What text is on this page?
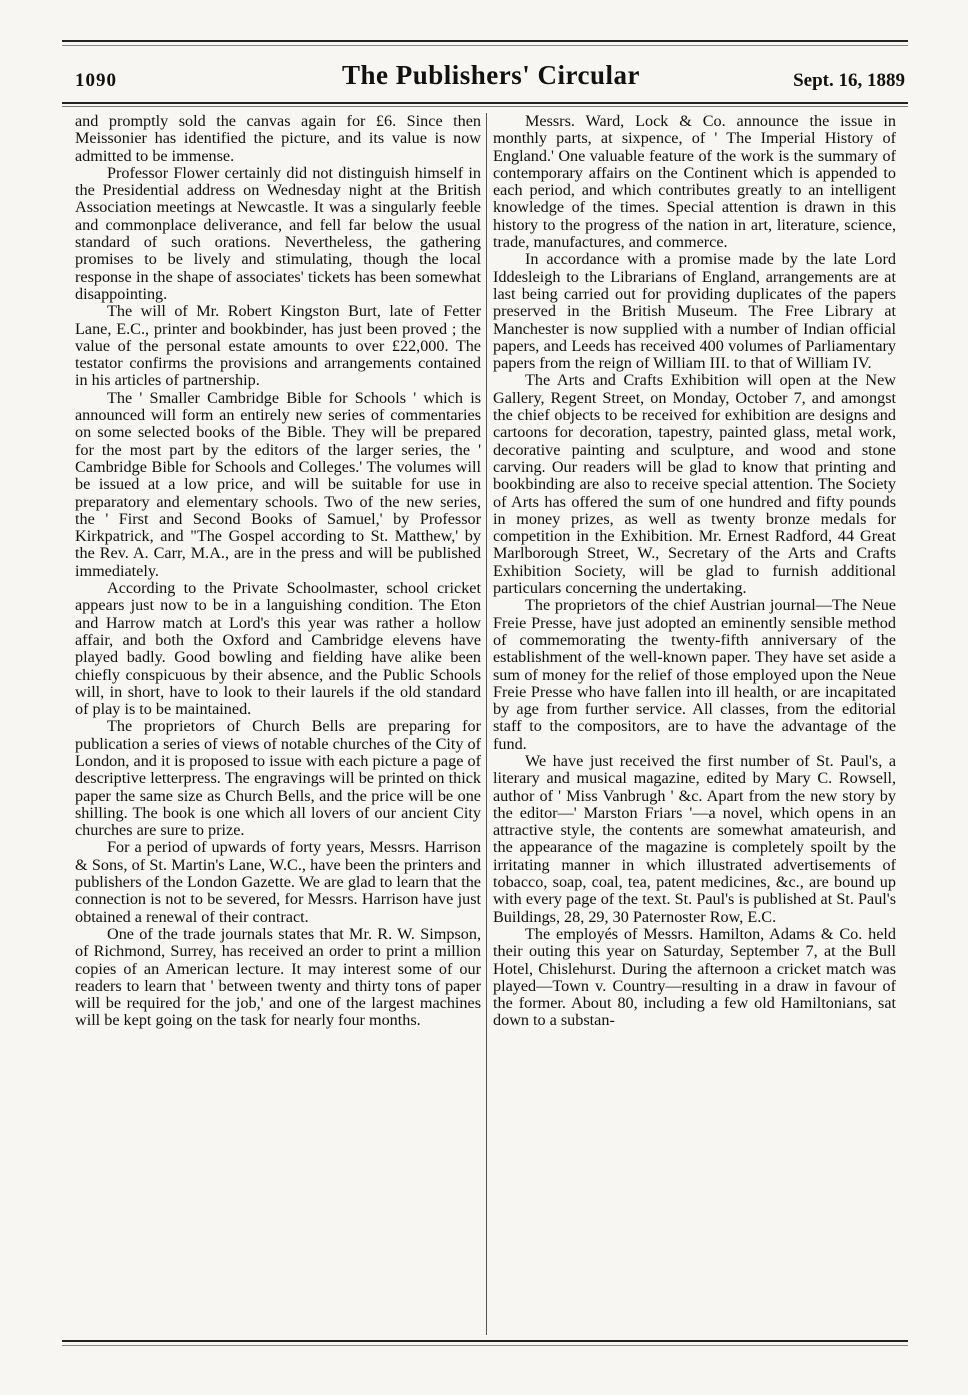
1090	The Publishers' Circular	Sept. 16, 1889

and promptly sold the canvas again for £6. Since then Meissonier has identified the picture, and its value is now admitted to be immense.

Professor Flower certainly did not distinguish himself in the Presidential address on Wednesday night at the British Association meetings at Newcastle. It was a singularly feeble and commonplace deliverance, and fell far below the usual standard of such orations. Nevertheless, the gathering promises to be lively and stimulating, though the local response in the shape of associates' tickets has been somewhat disappointing.

The will of Mr. Robert Kingston Burt, late of Fetter Lane, E.C., printer and bookbinder, has just been proved ; the value of the personal estate amounts to over £22,000. The testator confirms the provisions and arrangements contained in his articles of partnership.

The ' Smaller Cambridge Bible for Schools ' which is announced will form an entirely new series of commentaries on some selected books of the Bible. They will be prepared for the most part by the editors of the larger series, the ' Cambridge Bible for Schools and Colleges.' The volumes will be issued at a low price, and will be suitable for use in preparatory and elementary schools. Two of the new series, the ' First and Second Books of Samuel,' by Professor Kirkpatrick, and "The Gospel according to St. Matthew,' by the Rev. A. Carr, M.A., are in the press and will be published immediately.

According to the Private Schoolmaster, school cricket appears just now to be in a languishing condition. The Eton and Harrow match at Lord's this year was rather a hollow affair, and both the Oxford and Cambridge elevens have played badly. Good bowling and fielding have alike been chiefly conspicuous by their absence, and the Public Schools will, in short, have to look to their laurels if the old standard of play is to be maintained.

The proprietors of Church Bells are preparing for publication a series of views of notable churches of the City of London, and it is proposed to issue with each picture a page of descriptive letterpress. The engravings will be printed on thick paper the same size as Church Bells, and the price will be one shilling. The book is one which all lovers of our ancient City churches are sure to prize.

For a period of upwards of forty years, Messrs. Harrison & Sons, of St. Martin's Lane, W.C., have been the printers and publishers of the London Gazette. We are glad to learn that the connection is not to be severed, for Messrs. Harrison have just obtained a renewal of their contract.

One of the trade journals states that Mr. R. W. Simpson, of Richmond, Surrey, has received an order to print a million copies of an American lecture. It may interest some of our readers to learn that ' between twenty and thirty tons of paper will be required for the job,' and one of the largest machines will be kept going on the task for nearly four months.

Messrs. Ward, Lock & Co. announce the issue in monthly parts, at sixpence, of ' The Imperial History of England.' One valuable feature of the work is the summary of contemporary affairs on the Continent which is appended to each period, and which contributes greatly to an intelligent knowledge of the times. Special attention is drawn in this history to the progress of the nation in art, literature, science, trade, manufactures, and commerce.

In accordance with a promise made by the late Lord Iddesleigh to the Librarians of England, arrangements are at last being carried out for providing duplicates of the papers preserved in the British Museum. The Free Library at Manchester is now supplied with a number of Indian official papers, and Leeds has received 400 volumes of Parliamentary papers from the reign of William III. to that of William IV.

The Arts and Crafts Exhibition will open at the New Gallery, Regent Street, on Monday, October 7, and amongst the chief objects to be received for exhibition are designs and cartoons for decoration, tapestry, painted glass, metal work, decorative painting and sculpture, and wood and stone carving. Our readers will be glad to know that printing and bookbinding are also to receive special attention. The Society of Arts has offered the sum of one hundred and fifty pounds in money prizes, as well as twenty bronze medals for competition in the Exhibition. Mr. Ernest Radford, 44 Great Marlborough Street, W., Secretary of the Arts and Crafts Exhibition Society, will be glad to furnish additional particulars concerning the undertaking.

The proprietors of the chief Austrian journal—The Neue Freie Presse, have just adopted an eminently sensible method of commemorating the twenty-fifth anniversary of the establishment of the well-known paper. They have set aside a sum of money for the relief of those employed upon the Neue Freie Presse who have fallen into ill health, or are incapitated by age from further service. All classes, from the editorial staff to the compositors, are to have the advantage of the fund.

We have just received the first number of St. Paul's, a literary and musical magazine, edited by Mary C. Rowsell, author of ' Miss Vanbrugh ' &c. Apart from the new story by the editor—' Marston Friars '—a novel, which opens in an attractive style, the contents are somewhat amateurish, and the appearance of the magazine is completely spoilt by the irritating manner in which illustrated advertisements of tobacco, soap, coal, tea, patent medicines, &c., are bound up with every page of the text. St. Paul's is published at St. Paul's Buildings, 28, 29, 30 Paternoster Row, E.C.

The employés of Messrs. Hamilton, Adams & Co. held their outing this year on Saturday, September 7, at the Bull Hotel, Chislehurst. During the afternoon a cricket match was played—Town v. Country—resulting in a draw in favour of the former. About 80, including a few old Hamiltonians, sat down to a substan-
